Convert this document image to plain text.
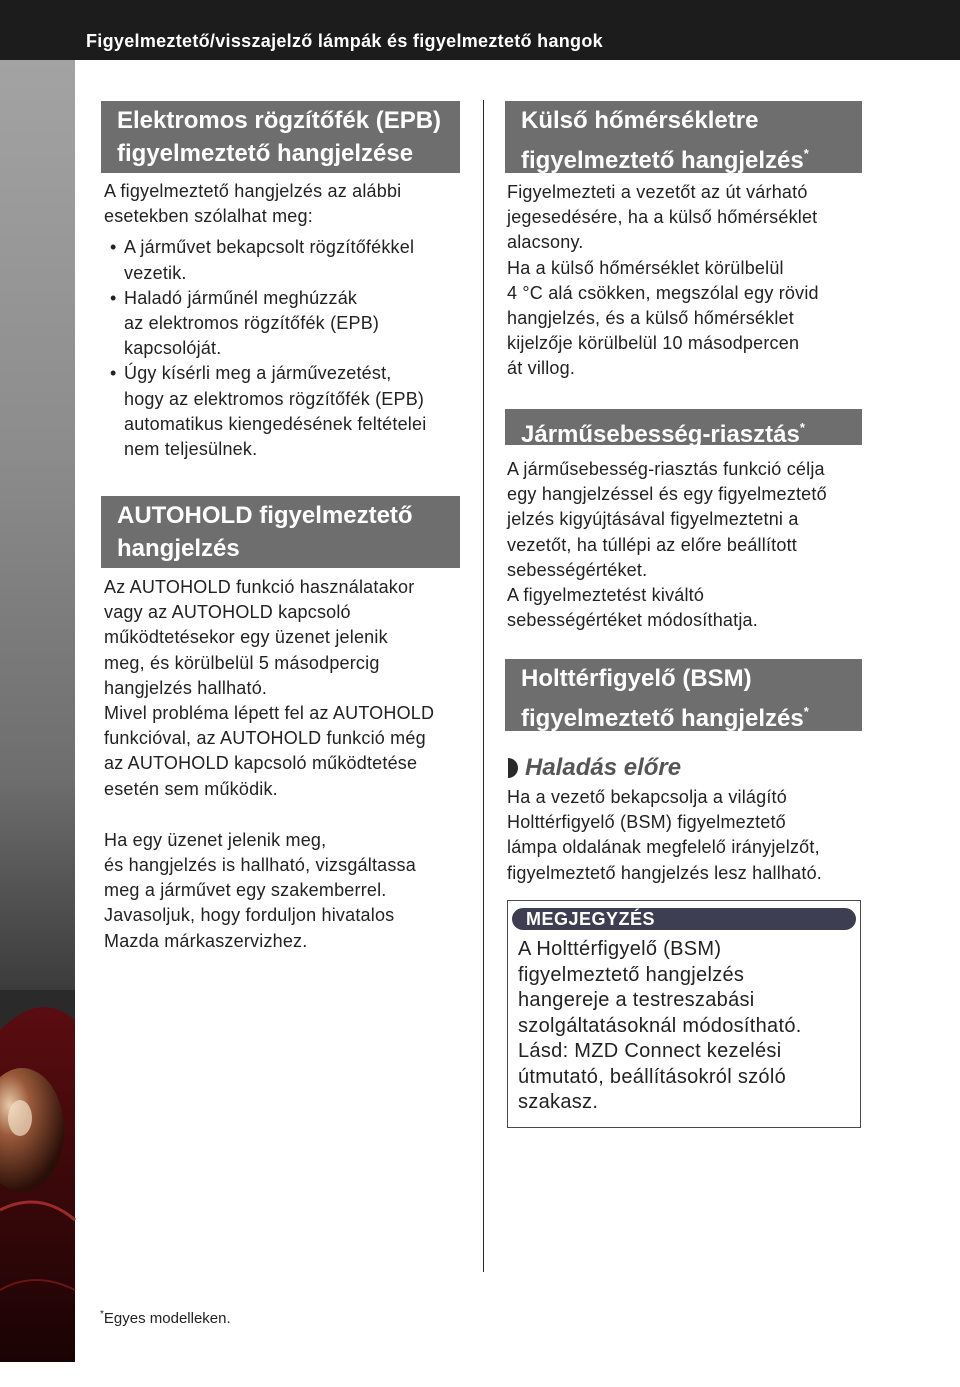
Figyelmeztető/visszajelző lámpák és figyelmeztető hangok
7-42
Elektromos rögzítőfék (EPB)
figyelmeztető hangjelzése

A figyelmeztető hangjelzés az alábbi

esetekben szólalhat meg:

• A járművet bekapcsolt rögzítőfékkel
vezetik.
• Haladó járműnél meghúzzák
az elektromos rögzítőfék (EPB)
kapcsolóját.
• Úgy kísérli meg a járművezetést,
hogy az elektromos rögzítőfék (EPB)
automatikus kiengedésének feltételei
nem teljesülnek.
AUTOHOLD figyelmeztető
hangjelzés

Az AUTOHOLD funkció használatakor

vagy az AUTOHOLD kapcsoló

működtetésekor egy üzenet jelenik

meg, és körülbelül 5 másodpercig

hangjelzés hallható.

Mivel probléma lépett fel az AUTOHOLD

funkcióval, az AUTOHOLD funkció még

az AUTOHOLD kapcsoló működtetése

esetén sem működik.

Ha egy üzenet jelenik meg,

és hangjelzés is hallható, vizsgáltassa

meg a járművet egy szakemberrel.

Javasoljuk, hogy forduljon hivatalos

Mazda márkaszervizhez.

Külső hőmérsékletre
figyelmeztető hangjelzés*

Figyelmezteti a vezetőt az út várható

jegesedésére, ha a külső hőmérséklet

alacsony.

Ha a külső hőmérséklet körülbelül

4 °C alá csökken, megszólal egy rövid

hangjelzés, és a külső hőmérséklet

kijelzője körülbelül 10 másodpercen

át villog.

Járműsebesség-riasztás*

A járműsebesség-riasztás funkció célja

egy hangjelzéssel és egy figyelmeztető

jelzés kigyújtásával figyelmeztetni a

vezetőt, ha túllépi az előre beállított

sebességértéket.

A figyelmeztetést kiváltó

sebességértéket módosíthatja.

Holttérfigyelő (BSM)
figyelmeztető hangjelzés*
Haladás előre

Ha a vezető bekapcsolja a világító

Holttérfigyelő (BSM) figyelmeztető

lámpa oldalának megfelelő irányjelzőt,

figyelmeztető hangjelzés lesz hallható.

MEGJEGYZÉS

A Holttérfigyelő (BSM)

figyelmeztető hangjelzés

hangereje a testreszabási

szolgáltatásoknál módosítható.

Lásd: MZD Connect kezelési

útmutató, beállításokról szóló

szakasz.

*Egyes modelleken.
